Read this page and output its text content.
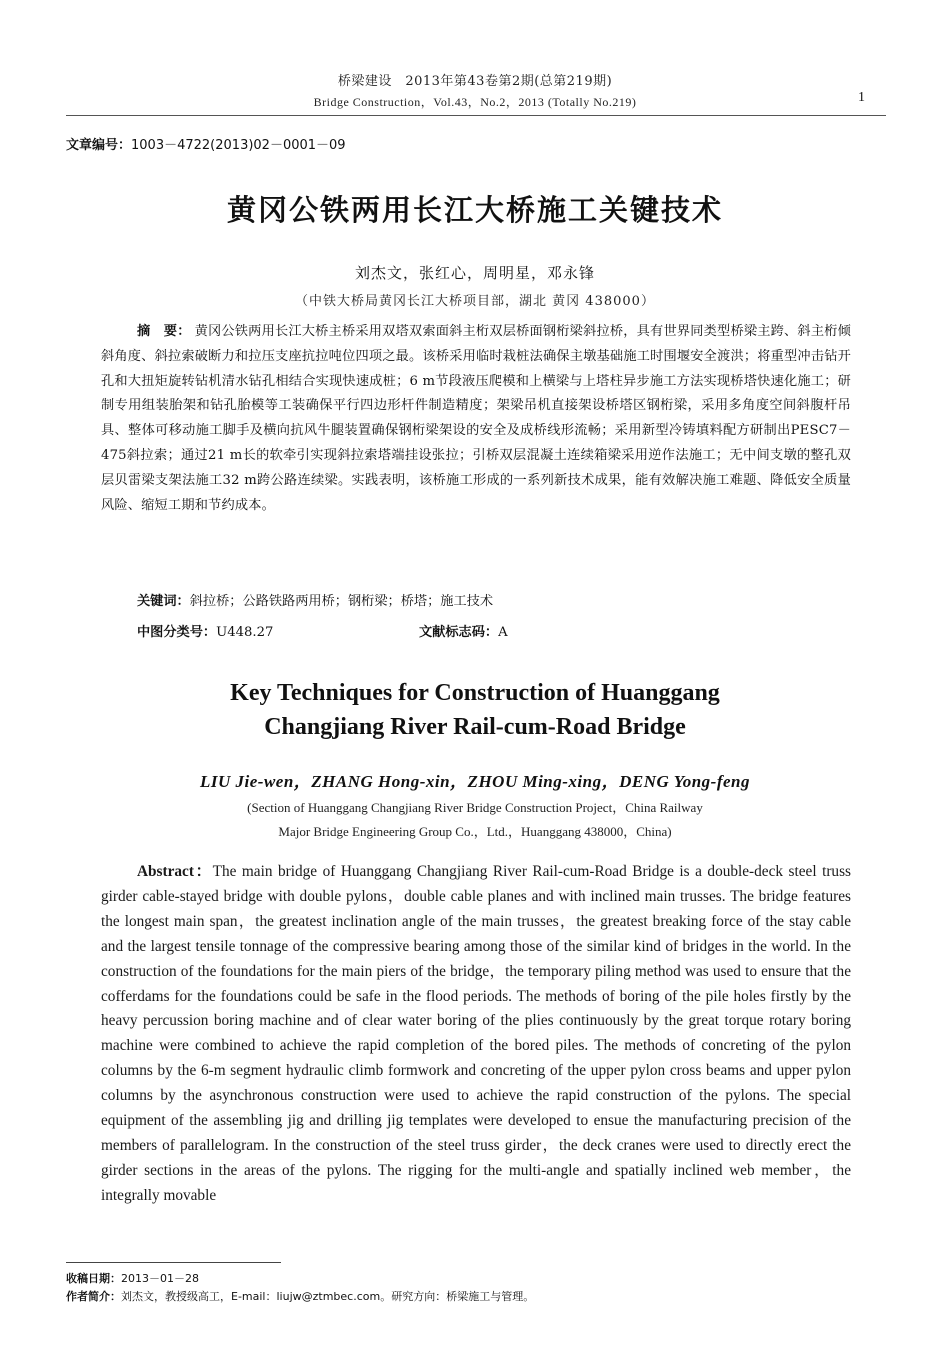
桥梁建设　2013年第43卷第2期(总第219期)
Bridge Construction，Vol.43，No.2，2013 (Totally No.219)	1
文章编号：1003－4722(2013)02－0001－09
黄冈公铁两用长江大桥施工关键技术
刘杰文，张红心，周明星，邓永锋
（中铁大桥局黄冈长江大桥项目部，湖北 黄冈 438000）
摘　要： 黄冈公铁两用长江大桥主桥采用双塔双索面斜主桁双层桥面钢桁梁斜拉桥，具有世界同类型桥梁主跨、斜主桁倾斜角度、斜拉索破断力和拉压支座抗拉吨位四项之最。该桥采用临时栽桩法确保主墩基础施工时围堰安全渡洪；将重型冲击钻开孔和大扭矩旋转钻机清水钻孔相结合实现快速成桩；6 m节段液压爬模和上横梁与上塔柱异步施工方法实现桥塔快速化施工；研制专用组装胎架和钻孔胎模等工装确保平行四边形杆件制造精度；架梁吊机直接架设桥塔区钢桁梁，采用多角度空间斜腹杆吊具、整体可移动施工脚手及横向抗风牛腿装置确保钢桁梁架设的安全及成桥线形流畅；采用新型冷铸填料配方研制出PESC7－475斜拉索；通过21 m长的软牵引实现斜拉索塔端挂设张拉；引桥双层混凝土连续箱梁采用逆作法施工；无中间支墩的整孔双层贝雷梁支架法施工32 m跨公路连续梁。实践表明，该桥施工形成的一系列新技术成果，能有效解决施工难题、降低安全质量风险、缩短工期和节约成本。
关键词：斜拉桥；公路铁路两用桥；钢桁梁；桥塔；施工技术
中图分类号：U448.27	文献标志码：A
Key Techniques for Construction of Huanggang
Changjiang River Rail-cum-Road Bridge
LIU Jie-wen，ZHANG Hong-xin，ZHOU Ming-xing，DENG Yong-feng
(Section of Huanggang Changjiang River Bridge Construction Project，China Railway
Major Bridge Engineering Group Co.，Ltd.，Huanggang 438000，China)
Abstract：The main bridge of Huanggang Changjiang River Rail-cum-Road Bridge is a double-deck steel truss girder cable-stayed bridge with double pylons，double cable planes and with inclined main trusses. The bridge features the longest main span，the greatest inclination angle of the main trusses，the greatest breaking force of the stay cable and the largest tensile tonnage of the compressive bearing among those of the similar kind of bridges in the world. In the construction of the foundations for the main piers of the bridge，the temporary piling method was used to ensure that the cofferdams for the foundations could be safe in the flood periods. The methods of boring of the pile holes firstly by the heavy percussion boring machine and of clear water boring of the plies continuously by the great torque rotary boring machine were combined to achieve the rapid completion of the bored piles. The methods of concreting of the pylon columns by the 6-m segment hydraulic climb formwork and concreting of the upper pylon cross beams and upper pylon columns by the asynchronous construction were used to achieve the rapid construction of the pylons. The special equipment of the assembling jig and drilling jig templates were developed to ensue the manufacturing precision of the members of parallelogram. In the construction of the steel truss girder，the deck cranes were used to directly erect the girder sections in the areas of the pylons. The rigging for the multi-angle and spatially inclined web member，the integrally movable
收稿日期：2013－01－28
作者简介：刘杰文，教授级高工，E-mail：liujw@ztmbec.com。研究方向：桥梁施工与管理。
